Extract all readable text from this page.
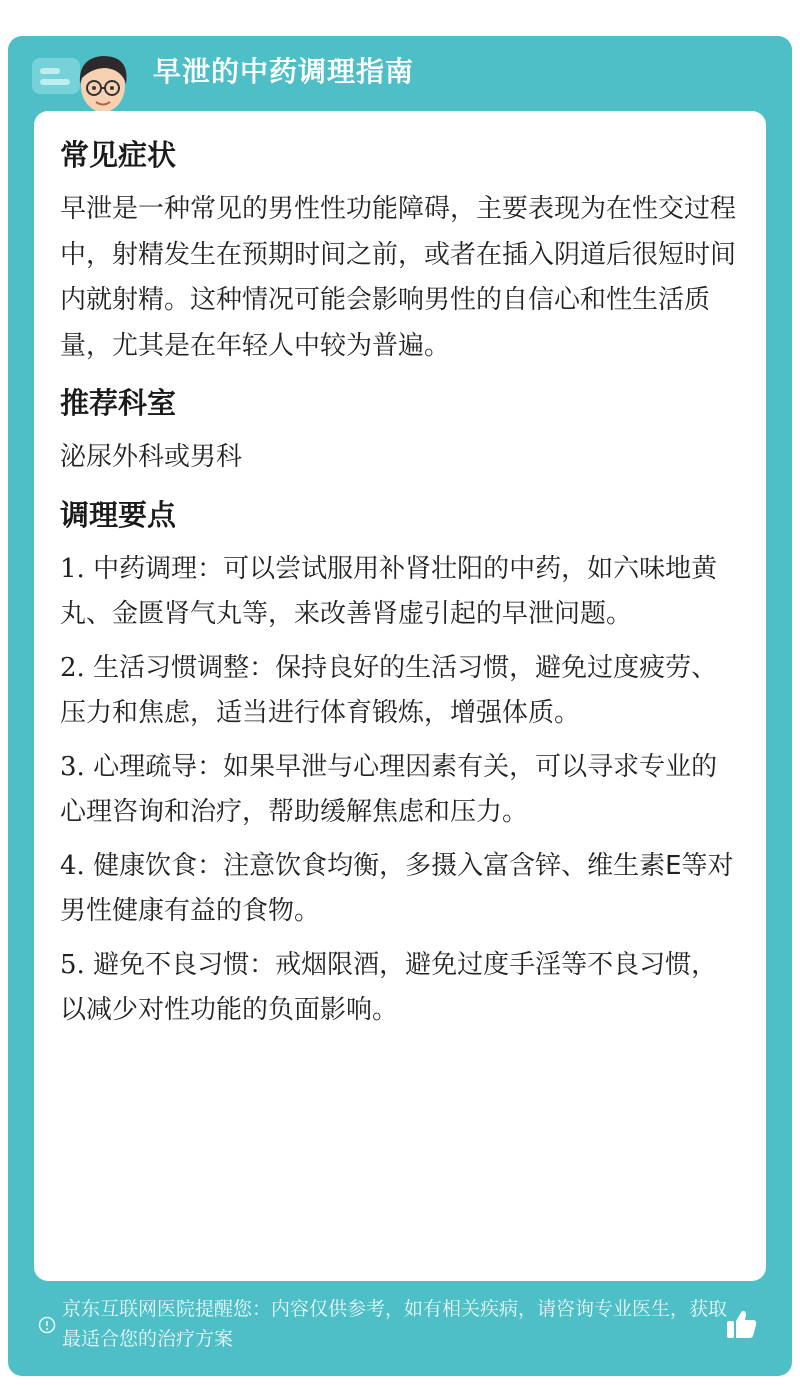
早泄的中药调理指南
常见症状

早泄是一种常见的男性性功能障碍，主要表现为在性交过程中，射精发生在预期时间之前，或者在插入阴道后很短时间内就射精。这种情况可能会影响男性的自信心和性生活质量，尤其是在年轻人中较为普遍。

推荐科室

泌尿外科或男科

调理要点

1. 中药调理：可以尝试服用补肾壮阳的中药，如六味地黄丸、金匮肾气丸等，来改善肾虚引起的早泄问题。

2. 生活习惯调整：保持良好的生活习惯，避免过度疲劳、压力和焦虑，适当进行体育锻炼，增强体质。

3. 心理疏导：如果早泄与心理因素有关，可以寻求专业的心理咨询和治疗，帮助缓解焦虑和压力。

4. 健康饮食：注意饮食均衡，多摄入富含锌、维生素E等对男性健康有益的食物。

5. 避免不良习惯：戒烟限酒，避免过度手淫等不良习惯，以减少对性功能的负面影响。

京东互联网医院提醒您：内容仅供参考，如有相关疾病，请咨询专业医生，获取最适合您的治疗方案
